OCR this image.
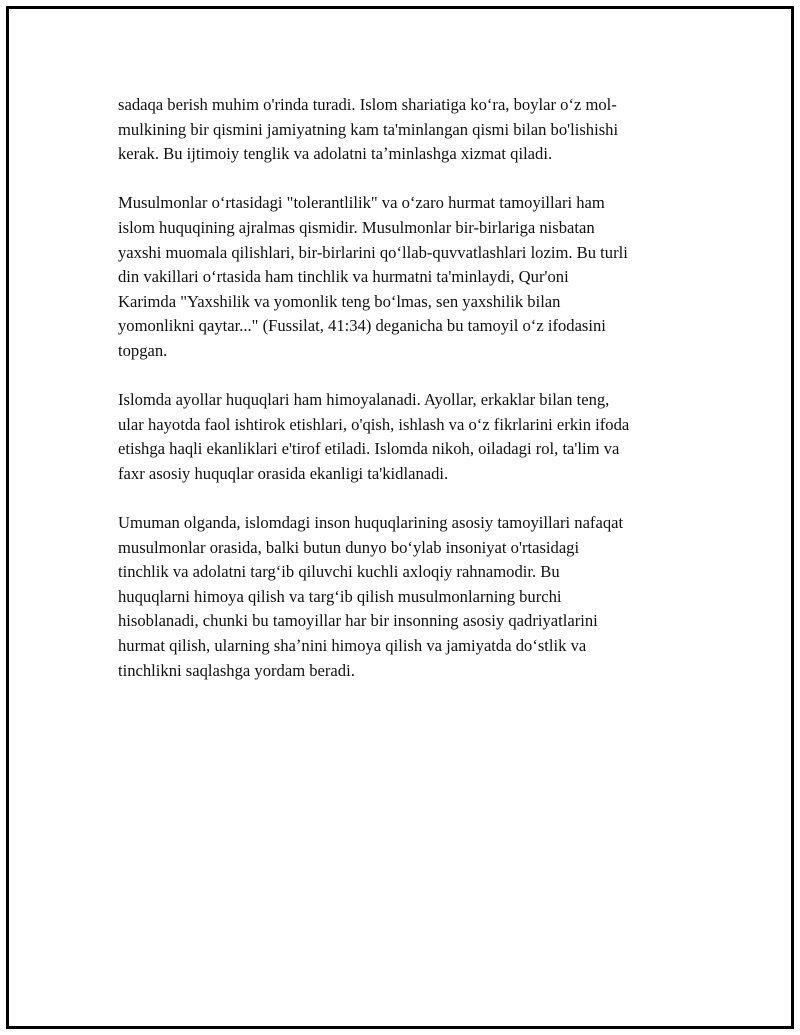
sadaqa berish muhim o'rinda turadi. Islom shariatiga koʻra, boylar oʻz mol-
mulkining bir qismini jamiyatning kam ta'minlangan qismi bilan bo'lishishi
kerak. Bu ijtimoiy tenglik va adolatni taʼminlashga xizmat qiladi.

Musulmonlar oʻrtasidagi "tolerantlilik" va oʻzaro hurmat tamoyillari ham
islom huquqining ajralmas qismidir. Musulmonlar bir-birlariga nisbatan
yaxshi muomala qilishlari, bir-birlarini qoʻllab-quvvatlashlari lozim. Bu turli
din vakillari oʻrtasida ham tinchlik va hurmatni ta'minlaydi, Qur'oni
Karimda "Yaxshilik va yomonlik teng boʻlmas, sen yaxshilik bilan
yomonlikni qaytar..." (Fussilat, 41:34) deganicha bu tamoyil oʻz ifodasini
topgan.

Islomda ayollar huquqlari ham himoyalanadi. Ayollar, erkaklar bilan teng,
ular hayotda faol ishtirok etishlari, o'qish, ishlash va oʻz fikrlarini erkin ifoda
etishga haqli ekanliklari e'tirof etiladi. Islomda nikoh, oiladagi rol, ta'lim va
faxr asosiy huquqlar orasida ekanligi ta'kidlanadi.

Umuman olganda, islomdagi inson huquqlarining asosiy tamoyillari nafaqat
musulmonlar orasida, balki butun dunyo boʻylab insoniyat o'rtasidagi
tinchlik va adolatni targʻib qiluvchi kuchli axloqiy rahnamodir. Bu
huquqlarni himoya qilish va targʻib qilish musulmonlarning burchi
hisoblanadi, chunki bu tamoyillar har bir insonning asosiy qadriyatlarini
hurmat qilish, ularning shaʼnini himoya qilish va jamiyatda doʻstlik va
tinchlikni saqlashga yordam beradi.
